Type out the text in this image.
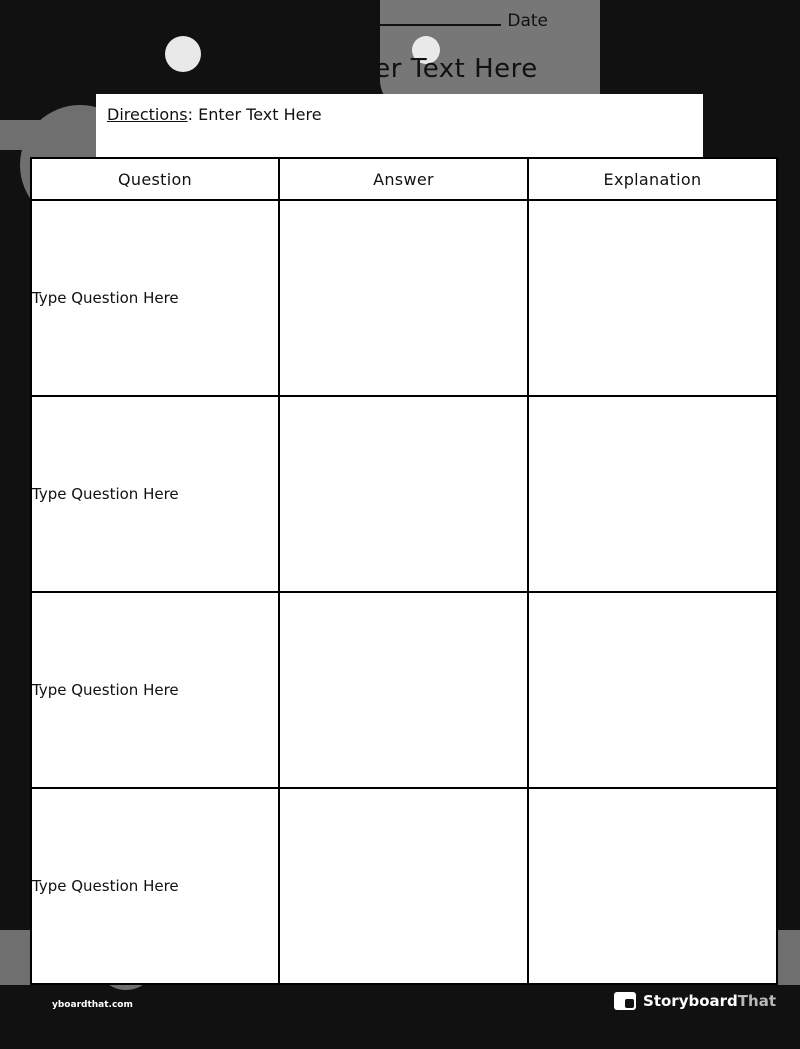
Name	Date
Title/Enter Text Here
Directions: Enter Text Here
Question	Answer	Explanation
Type Question Here		
Type Question Here		
Type Question Here		
Type Question Here		
yboardthat.com	StoryboardThat
